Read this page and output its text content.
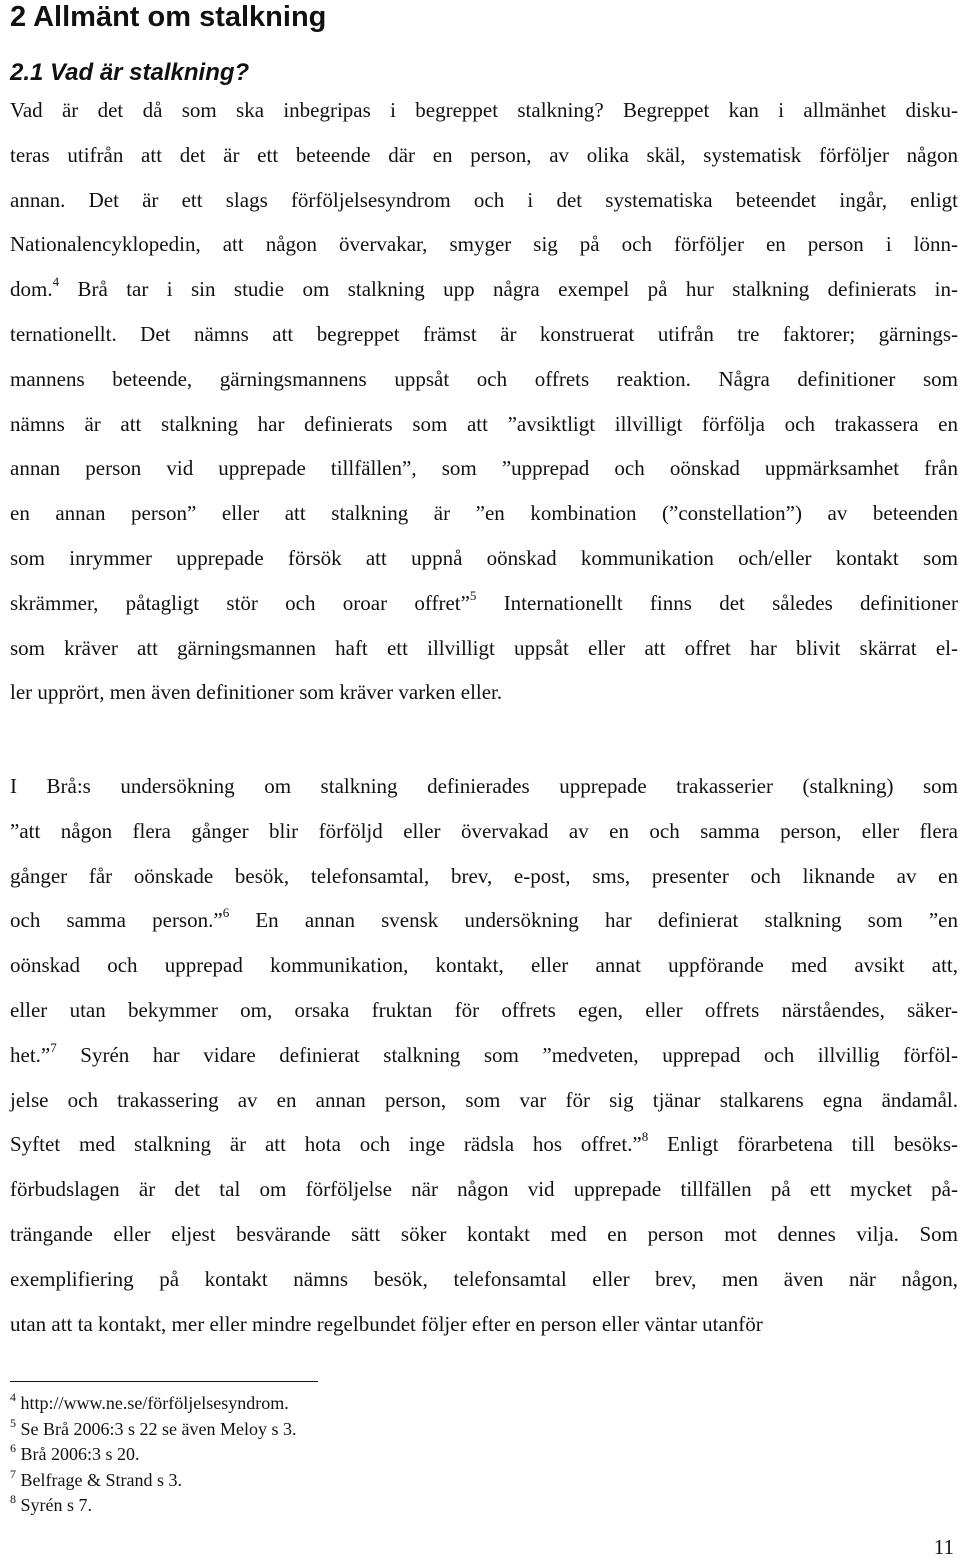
2 Allmänt om stalkning
2.1 Vad är stalkning?

Vad är det då som ska inbegripas i begreppet stalkning? Begreppet kan i allmänhet disku-
teras utifrån att det är ett beteende där en person, av olika skäl, systematisk förföljer någon
annan. Det är ett slags förföljelsesyndrom och i det systematiska beteendet ingår, enligt
Nationalencyklopedin, att någon övervakar, smyger sig på och förföljer en person i lönn-
dom.$^4$ Brå tar i sin studie om stalkning upp några exempel på hur stalkning definierats in-
ternationellt. Det nämns att begreppet främst är konstruerat utifrån tre faktorer; gärnings-
mannens beteende, gärningsmannens uppsåt och offrets reaktion. Några definitioner som
nämns är att stalkning har definierats som att ”avsiktligt illvilligt förfölja och trakassera en
annan person vid upprepade tillfällen”, som ”upprepad och oönskad uppmärksamhet från
en annan person” eller att stalkning är ”en kombination (”constellation”) av beteenden
som inrymmer upprepade försök att uppnå oönskad kommunikation och/eller kontakt som
skrämmer, påtagligt stör och oroar offret”$^5$ Internationellt finns det således definitioner
som kräver att gärningsmannen haft ett illvilligt uppsåt eller att offret har blivit skärrat el-
ler upprört, men även definitioner som kräver varken eller.

I Brå:s undersökning om stalkning definierades upprepade trakasserier (stalkning) som
”att någon flera gånger blir förföljd eller övervakad av en och samma person, eller flera
gånger får oönskade besök, telefonsamtal, brev, e-post, sms, presenter och liknande av en
och samma person.”$^6$ En annan svensk undersökning har definierat stalkning som ”en
oönskad och upprepad kommunikation, kontakt, eller annat uppförande med avsikt att,
eller utan bekymmer om, orsaka fruktan för offrets egen, eller offrets närståendes, säker-
het.”$^7$ Syrén har vidare definierat stalkning som ”medveten, upprepad och illvillig förföl-
jelse och trakassering av en annan person, som var för sig tjänar stalkarens egna ändamål.
Syftet med stalkning är att hota och inge rädsla hos offret.”$^8$ Enligt förarbetena till besöks-
förbudslagen är det tal om förföljelse när någon vid upprepade tillfällen på ett mycket på-
trängande eller eljest besvärande sätt söker kontakt med en person mot dennes vilja. Som
exemplifiering på kontakt nämns besök, telefonsamtal eller brev, men även när någon,
utan att ta kontakt, mer eller mindre regelbundet följer efter en person eller väntar utanför

$^4$ http://www.ne.se/förföljelsesyndrom.
$^5$ Se Brå 2006:3 s 22 se även Meloy s 3.
$^6$ Brå 2006:3 s 20.
$^7$ Belfrage & Strand s 3.
$^8$ Syrén s 7.
11
